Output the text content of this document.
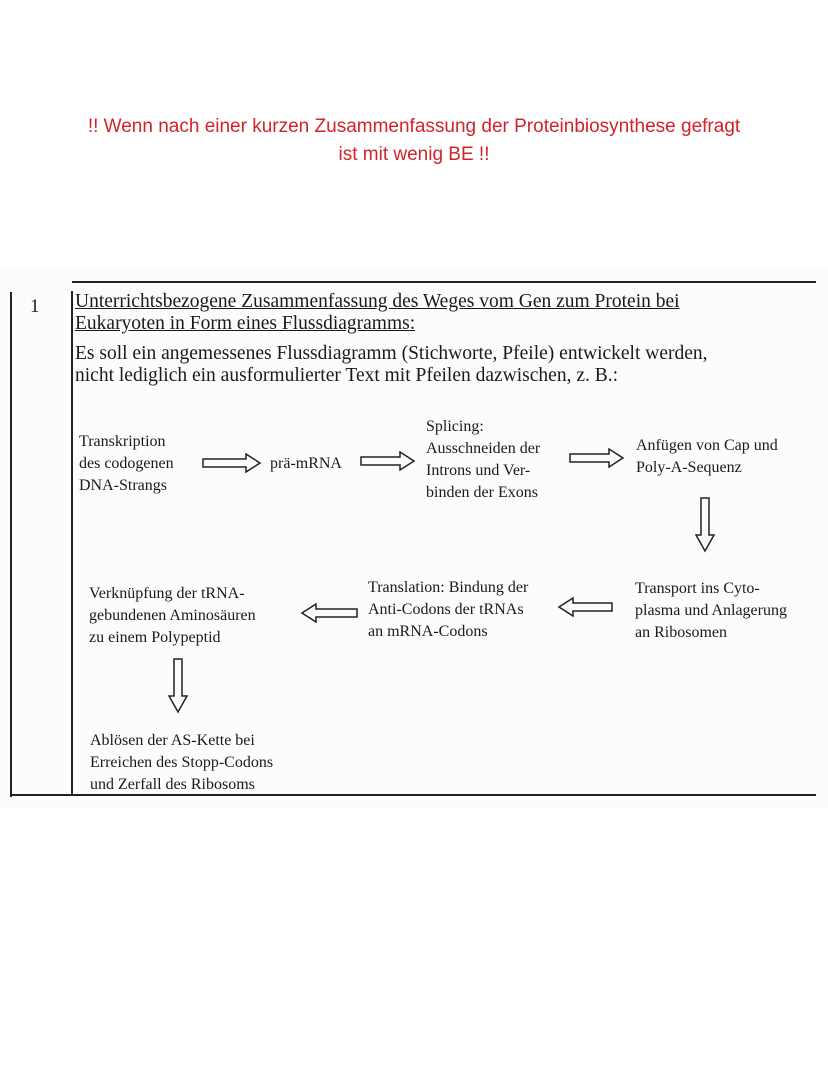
!! Wenn nach einer kurzen Zusammenfassung der Proteinbiosynthese gefragt
ist mit wenig BE !!
1 Unterrichtsbezogene Zusammenfassung des Weges vom Gen zum Protein bei
Eukaryoten in Form eines Flussdiagramms:
Es soll ein angemessenes Flussdiagramm (Stichworte, Pfeile) entwickelt werden,
nicht lediglich ein ausformulierter Text mit Pfeilen dazwischen, z. B.:
Transkription
des codogenen
DNA-Strangs
prä-mRNA
Splicing:
Ausschneiden der
Introns und Ver-
binden der Exons
Anfügen von Cap und
Poly-A-Sequenz
Transport ins Cyto-
plasma und Anlagerung
an Ribosomen
Translation: Bindung der
Anti-Codons der tRNAs
an mRNA-Codons
Verknüpfung der tRNA-
gebundenen Aminosäuren
zu einem Polypeptid
Ablösen der AS-Kette bei
Erreichen des Stopp-Codons
und Zerfall des Ribosoms
